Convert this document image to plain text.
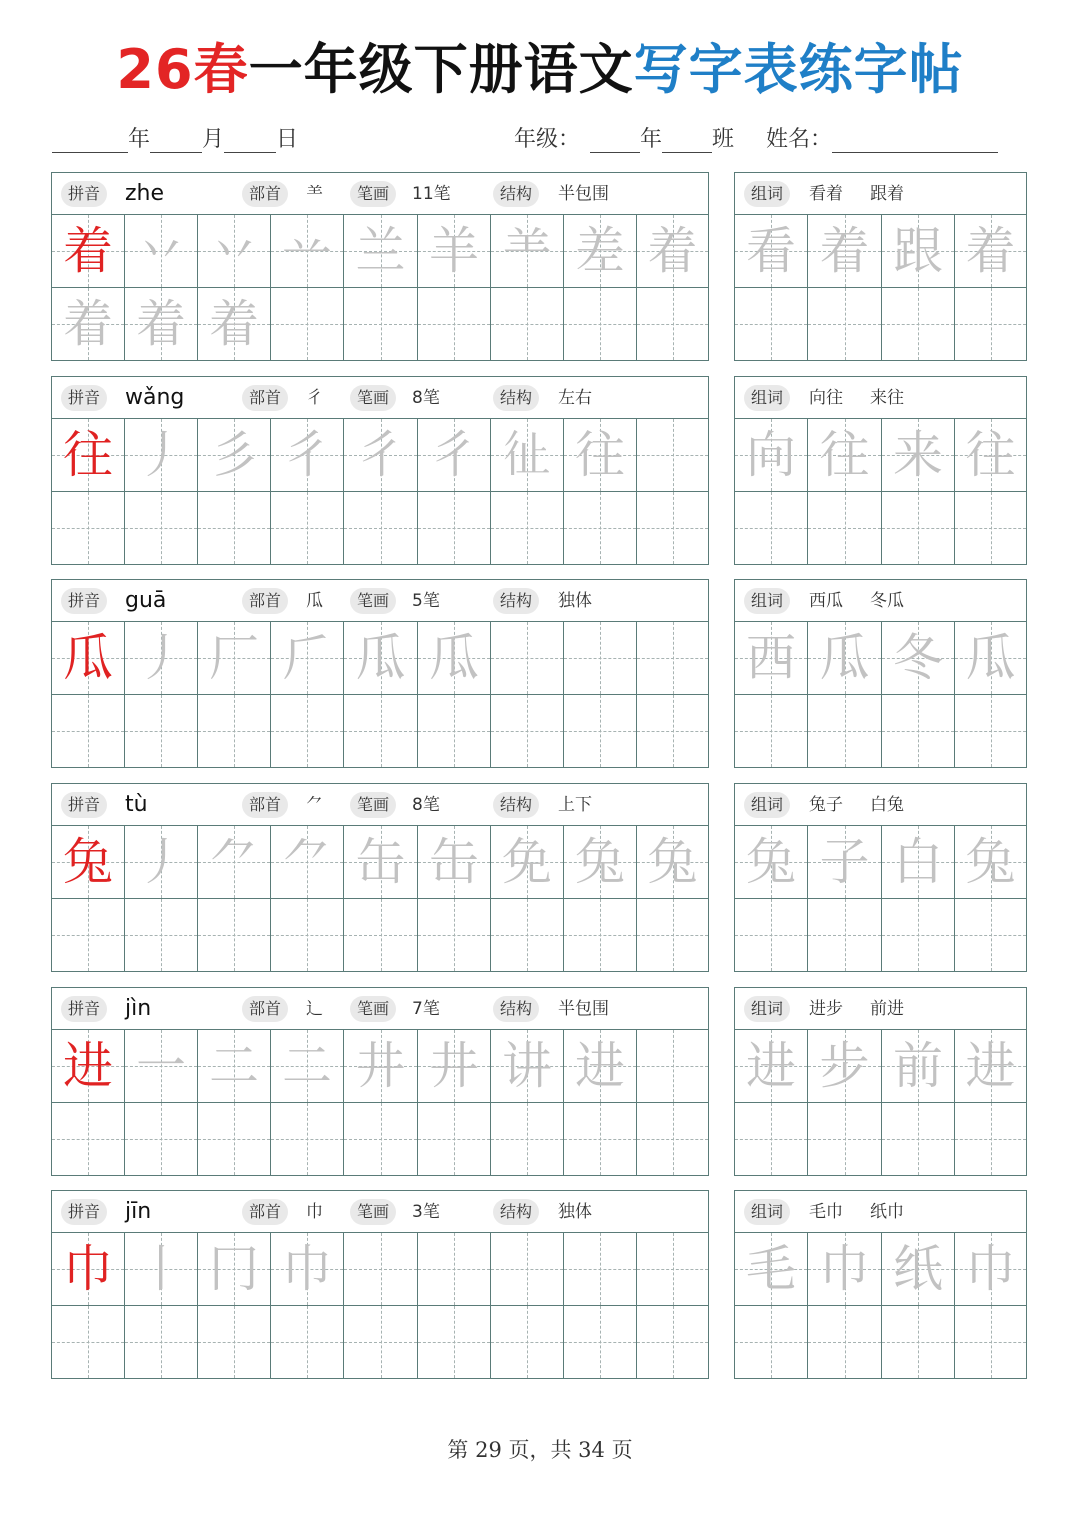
26春一年级下册语文写字表练字帖
年 月 日	年级：	年 班 姓名：
拼音	zhe	部首	⺷	笔画	11笔	结构	半包围
着 丷 丷 䒑 兰 羊 ⺷ 差 着
着 着 着
组词	看着 跟着
看 着 跟 着
拼音	wǎng	部首	彳	笔画	8笔	结构	左右
往 丿 彡 彳 彳 彳 𢓊 往
组词	向往 来往
向 往 来 往
拼音	guā	部首	瓜	笔画	5笔	结构	独体
瓜 丿 厂 𠂆 瓜 瓜
组词	西瓜 冬瓜
西 瓜 冬 瓜
拼音	tù	部首	⺈	笔画	8笔	结构	上下
兔 丿 ⺈ ⺈ 缶 缶 免 兔 兔
组词	兔子 白兔
兔 子 白 兔
拼音	jìn	部首	辶	笔画	7笔	结构	半包围
进 一 二 二 井 井 讲 进
组词	进步 前进
进 步 前 进
拼音	jīn	部首	巾	笔画	3笔	结构	独体
巾 丨 冂 巾
组词	毛巾 纸巾
毛 巾 纸 巾
第 29 页，共 34 页
